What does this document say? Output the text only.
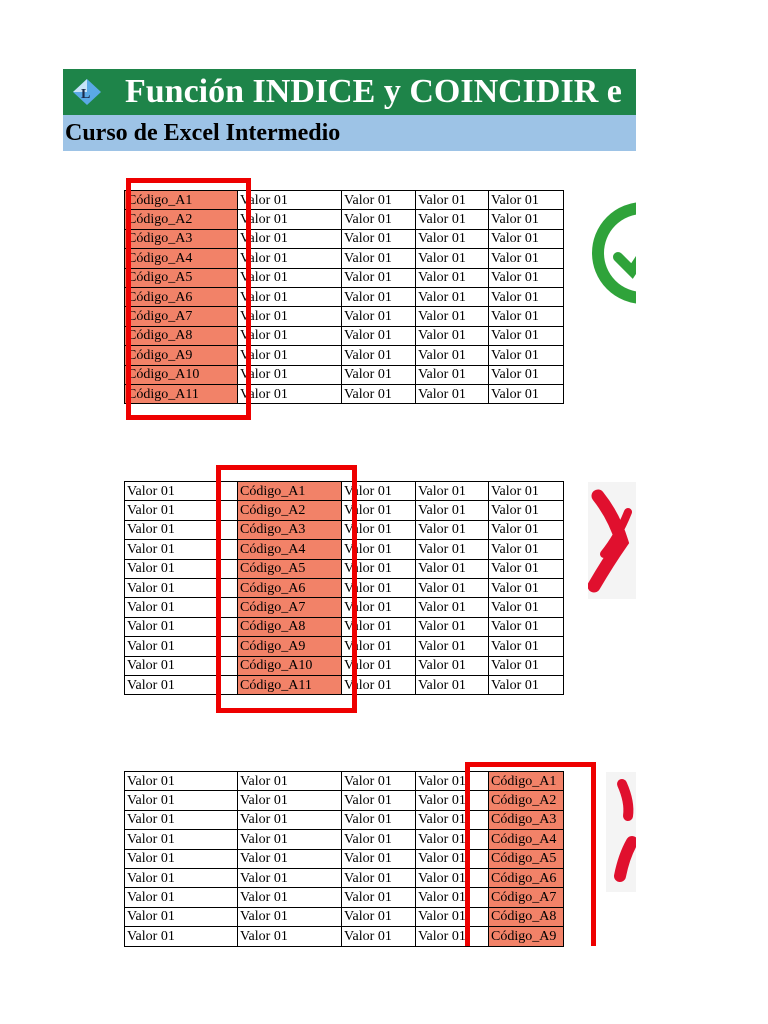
L Función INDICE y COINCIDIR e
Curso de Excel Intermedio
Código_A1	Valor 01	Valor 01	Valor 01	Valor 01
Código_A2	Valor 01	Valor 01	Valor 01	Valor 01
Código_A3	Valor 01	Valor 01	Valor 01	Valor 01
Código_A4	Valor 01	Valor 01	Valor 01	Valor 01
Código_A5	Valor 01	Valor 01	Valor 01	Valor 01
Código_A6	Valor 01	Valor 01	Valor 01	Valor 01
Código_A7	Valor 01	Valor 01	Valor 01	Valor 01
Código_A8	Valor 01	Valor 01	Valor 01	Valor 01
Código_A9	Valor 01	Valor 01	Valor 01	Valor 01
Código_A10	Valor 01	Valor 01	Valor 01	Valor 01
Código_A11	Valor 01	Valor 01	Valor 01	Valor 01
Valor 01	Código_A1	Valor 01	Valor 01	Valor 01
Valor 01	Código_A2	Valor 01	Valor 01	Valor 01
Valor 01	Código_A3	Valor 01	Valor 01	Valor 01
Valor 01	Código_A4	Valor 01	Valor 01	Valor 01
Valor 01	Código_A5	Valor 01	Valor 01	Valor 01
Valor 01	Código_A6	Valor 01	Valor 01	Valor 01
Valor 01	Código_A7	Valor 01	Valor 01	Valor 01
Valor 01	Código_A8	Valor 01	Valor 01	Valor 01
Valor 01	Código_A9	Valor 01	Valor 01	Valor 01
Valor 01	Código_A10	Valor 01	Valor 01	Valor 01
Valor 01	Código_A11	Valor 01	Valor 01	Valor 01
Valor 01	Valor 01	Valor 01	Valor 01	Código_A1
Valor 01	Valor 01	Valor 01	Valor 01	Código_A2
Valor 01	Valor 01	Valor 01	Valor 01	Código_A3
Valor 01	Valor 01	Valor 01	Valor 01	Código_A4
Valor 01	Valor 01	Valor 01	Valor 01	Código_A5
Valor 01	Valor 01	Valor 01	Valor 01	Código_A6
Valor 01	Valor 01	Valor 01	Valor 01	Código_A7
Valor 01	Valor 01	Valor 01	Valor 01	Código_A8
Valor 01	Valor 01	Valor 01	Valor 01	Código_A9
